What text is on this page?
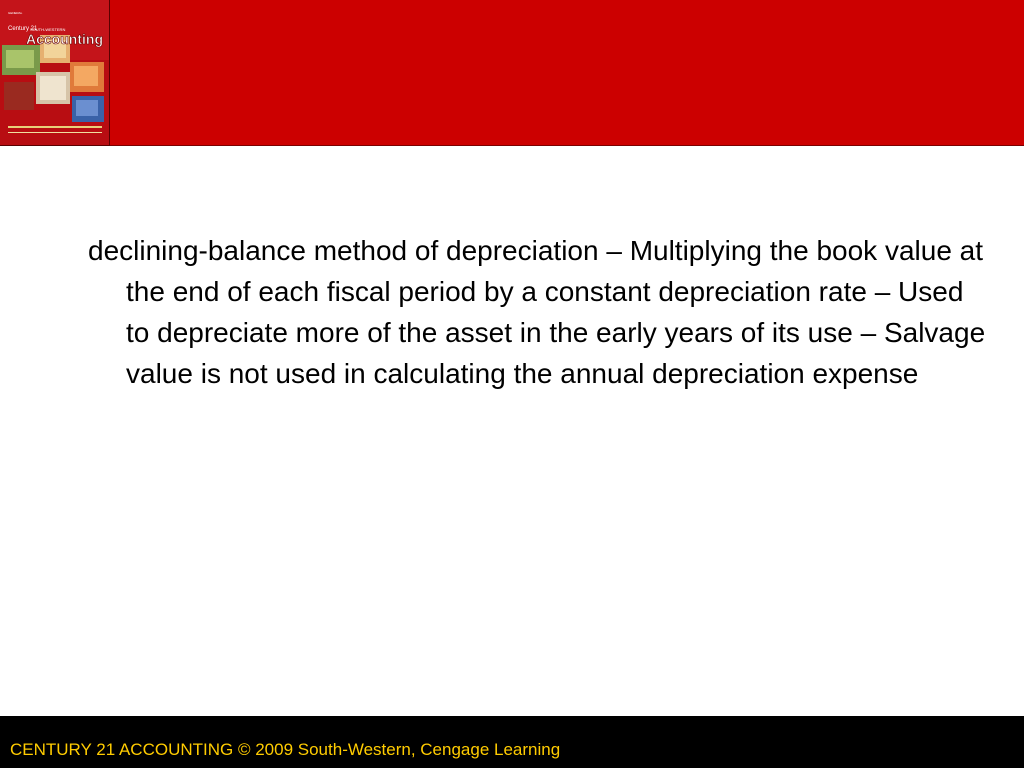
Century 21
SOUTH-WESTERN
Accounting
GENERAL

declining-balance method of depreciation – Multiplying the book value at the end of each fiscal period by a constant depreciation rate – Used to depreciate more of the asset in the early years of its use – Salvage value is not used in calculating the annual depreciation expense

CENTURY 21 ACCOUNTING © 2009 South-Western, Cengage Learning
